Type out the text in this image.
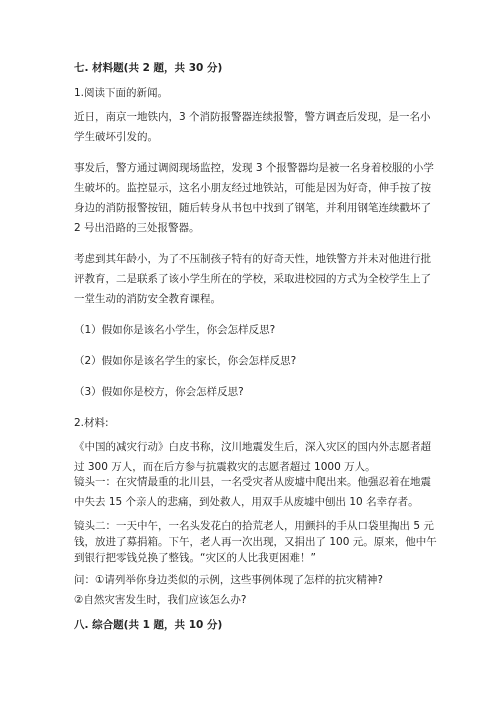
七. 材料题(共 2 题，共 30 分)
1.阅读下面的新闻。
近日，南京一地铁内，3 个消防报警器连续报警，警方调查后发现，是一名小
学生破坏引发的。
事发后，警方通过调阅现场监控，发现 3 个报警器均是被一名身着校服的小学
生破坏的。监控显示，这名小朋友经过地铁站，可能是因为好奇，伸手按了按
身边的消防报警按钮，随后转身从书包中找到了钢笔，并利用钢笔连续戳坏了
2 号出沿路的三处报警器。
考虑到其年龄小，为了不压制孩子特有的好奇天性，地铁警方并未对他进行批
评教育，二是联系了该小学生所在的学校，采取进校园的方式为全校学生上了
一堂生动的消防安全教育课程。
（1）假如你是该名小学生，你会怎样反思?
（2）假如你是该名学生的家长，你会怎样反思?
（3）假如你是校方，你会怎样反思?
2.材料:
《中国的减灾行动》白皮书称，汶川地震发生后，深入灾区的国内外志愿者超
过 300 万人，而在后方参与抗震救灾的志愿者超过 1000 万人。
镜头一：在灾情最重的北川县，一名受灾者从废墟中爬出来。他强忍着在地震
中失去 15 个亲人的悲痛，到处救人，用双手从废墟中刨出 10 名幸存者。
镜头二：一天中午，一名头发花白的拾荒老人，用颤抖的手从口袋里掏出 5 元
钱，放进了募捐箱。下午，老人再一次出现，又捐出了 100 元。原来，他中午
到银行把零钱兑换了整钱。“灾区的人比我更困难！”
问：①请列举你身边类似的示例，这些事例体现了怎样的抗灾精神?
②自然灾害发生时，我们应该怎么办?
八. 综合题(共 1 题，共 10 分)
